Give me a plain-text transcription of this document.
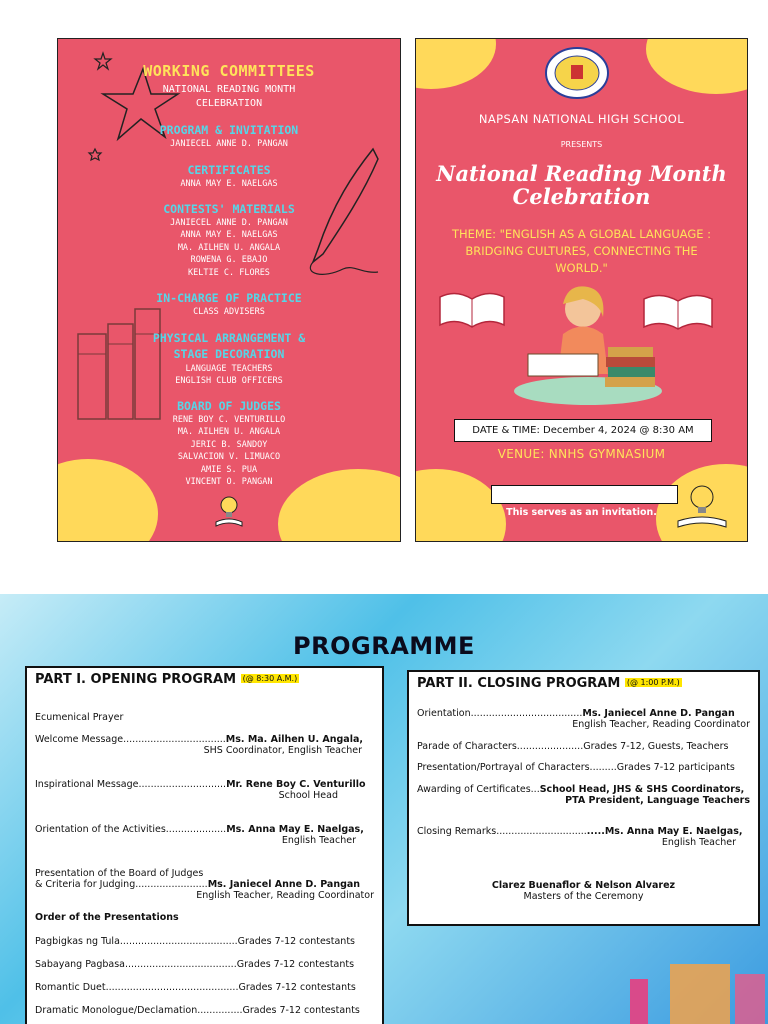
WORKING COMMITTEES
NATIONAL READING MONTH
CELEBRATION
PROGRAM & INVITATION
JANIECEL ANNE D. PANGAN
CERTIFICATES
ANNA MAY E. NAELGAS
CONTESTS' MATERIALS
JANIECEL ANNE D. PANGAN
ANNA MAY E. NAELGAS
MA. AILHEN U. ANGALA
ROWENA G. EBAJO
KELTIE C. FLORES
IN-CHARGE OF PRACTICE
CLASS ADVISERS
PHYSICAL ARRANGEMENT &
STAGE DECORATION
LANGUAGE TEACHERS
ENGLISH CLUB OFFICERS
BOARD OF JUDGES
RENE BOY C. VENTURILLO
MA. AILHEN U. ANGALA
JERIC B. SANDOY
SALVACION V. LIMUACO
AMIE S. PUA
VINCENT O. PANGAN
NAPSAN NATIONAL HIGH SCHOOL
PRESENTS
National Reading Month
Celebration
THEME: "ENGLISH AS A GLOBAL LANGUAGE : BRIDGING CULTURES, CONNECTING THE WORLD."
DATE & TIME: December 4, 2024 @ 8:30 AM
VENUE: NNHS GYMNASIUM
This serves as an invitation.
PROGRAMME
PART I. OPENING PROGRAM (@ 8:30 A.M.)
Ecumenical Prayer
Welcome Message..................................Ms. Ma. Ailhen U. Angala,
SHS Coordinator, English Teacher
Inspirational Message.............................Mr. Rene Boy C. Venturillo
School Head
Orientation of the Activities....................Ms. Anna May E. Naelgas,
English Teacher
Presentation of the Board of Judges
& Criteria for Judging........................Ms. Janiecel Anne D. Pangan
English Teacher, Reading Coordinator
Order of the Presentations
Pagbigkas ng Tula.......................................Grades 7-12 contestants
Sabayang Pagbasa.....................................Grades 7-12 contestants
Romantic Duet............................................Grades 7-12 contestants
Dramatic Monologue/Declamation...............Grades 7-12 contestants
PART II. CLOSING PROGRAM (@ 1:00 P.M.)
Orientation.....................................Ms. Janiecel Anne D. Pangan
English Teacher, Reading Coordinator
Parade of Characters......................Grades 7-12, Guests, Teachers
Presentation/Portrayal of Characters.........Grades 7-12 participants
Awarding of Certificates...School Head, JHS & SHS Coordinators,
PTA President, Language Teachers
Closing Remarks...................................Ms. Anna May E. Naelgas,
English Teacher
Clarez Buenaflor & Nelson Alvarez
Masters of the Ceremony
